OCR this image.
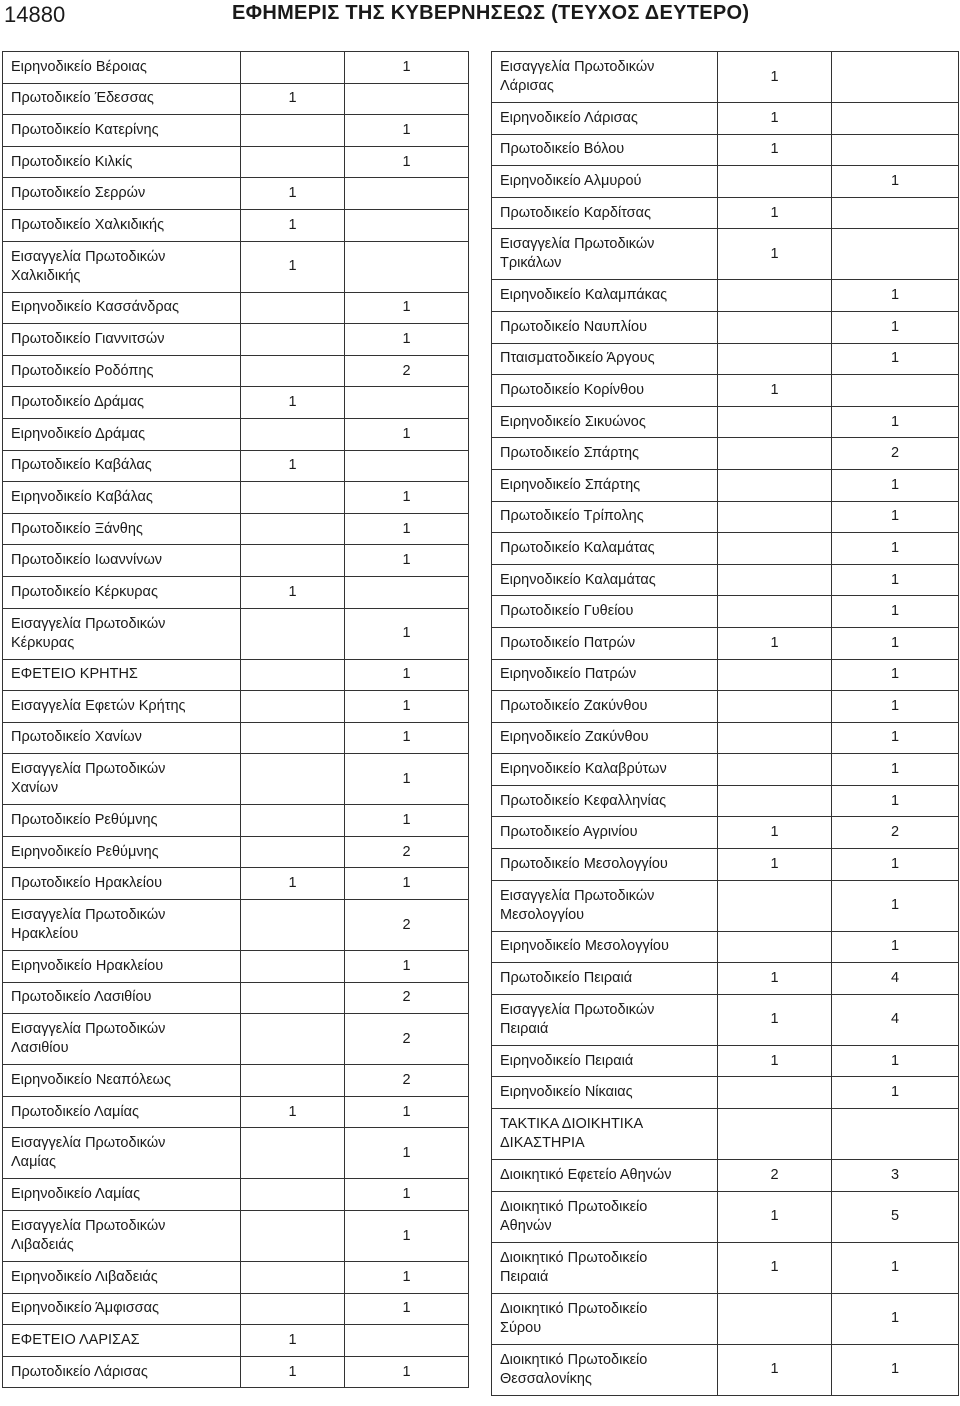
14880	ΕΦΗΜΕΡΙΣ ΤΗΣ ΚΥΒΕΡΝΗΣΕΩΣ (ΤΕΥΧΟΣ ΔΕΥΤΕΡΟ)
Ειρηνοδικείο Βέροιας		1

Πρωτοδικείο Έδεσσας	1	

Πρωτοδικείο Κατερίνης		1

Πρωτοδικείο Κιλκίς		1

Πρωτοδικείο Σερρών	1	

Πρωτοδικείο Χαλκιδικής	1	

Εισαγγελία Πρωτοδικών
Χαλκιδικής	1	

Ειρηνοδικείο Κασσάνδρας		1

Πρωτοδικείο Γιαννιτσών		1

Πρωτοδικείο Ροδόπης		2

Πρωτοδικείο Δράμας	1	

Ειρηνοδικείο Δράμας		1

Πρωτοδικείο Καβάλας	1	

Ειρηνοδικείο Καβάλας		1

Πρωτοδικείο Ξάνθης		1

Πρωτοδικείο Ιωαννίνων		1

Πρωτοδικείο Κέρκυρας	1	

Εισαγγελία Πρωτοδικών
Κέρκυρας		1

ΕΦΕΤΕΙΟ ΚΡΗΤΗΣ		1

Εισαγγελία Εφετών Κρήτης		1

Πρωτοδικείο Χανίων		1

Εισαγγελία Πρωτοδικών
Χανίων		1

Πρωτοδικείο Ρεθύμνης		1

Ειρηνοδικείο Ρεθύμνης		2

Πρωτοδικείο Ηρακλείου	1	1

Εισαγγελία Πρωτοδικών
Ηρακλείου		2

Ειρηνοδικείο Ηρακλείου		1

Πρωτοδικείο Λασιθίου		2

Εισαγγελία Πρωτοδικών
Λασιθίου		2

Ειρηνοδικείο Νεαπόλεως		2

Πρωτοδικείο Λαμίας	1	1

Εισαγγελία Πρωτοδικών
Λαμίας		1

Ειρηνοδικείο Λαμίας		1

Εισαγγελία Πρωτοδικών
Λιβαδειάς		1

Ειρηνοδικείο Λιβαδειάς		1

Ειρηνοδικείο Άμφισσας		1

ΕΦΕΤΕΙΟ ΛΑΡΙΣΑΣ	1	

Πρωτοδικείο Λάρισας	1	1
Εισαγγελία Πρωτοδικών
Λάρισας	1	

Ειρηνοδικείο Λάρισας	1	

Πρωτοδικείο Βόλου	1	

Ειρηνοδικείο Αλμυρού		1

Πρωτοδικείο Καρδίτσας	1	

Εισαγγελία Πρωτοδικών
Τρικάλων	1	

Ειρηνοδικείο Καλαμπάκας		1

Πρωτοδικείο Ναυπλίου		1

Πταισματοδικείο Άργους		1

Πρωτοδικείο Κορίνθου	1	

Ειρηνοδικείο Σικυώνος		1

Πρωτοδικείο Σπάρτης		2

Ειρηνοδικείο Σπάρτης		1

Πρωτοδικείο Τρίπολης		1

Πρωτοδικείο Καλαμάτας		1

Ειρηνοδικείο Καλαμάτας		1

Πρωτοδικείο Γυθείου		1

Πρωτοδικείο Πατρών	1	1

Ειρηνοδικείο Πατρών		1

Πρωτοδικείο Ζακύνθου		1

Ειρηνοδικείο Ζακύνθου		1

Ειρηνοδικείο Καλαβρύτων		1

Πρωτοδικείο Κεφαλληνίας		1

Πρωτοδικείο Αγρινίου	1	2

Πρωτοδικείο Μεσολογγίου	1	1

Εισαγγελία Πρωτοδικών
Μεσολογγίου		1

Ειρηνοδικείο Μεσολογγίου		1

Πρωτοδικείο Πειραιά	1	4

Εισαγγελία Πρωτοδικών
Πειραιά	1	4

Ειρηνοδικείο Πειραιά	1	1

Ειρηνοδικείο Νίκαιας		1

ΤΑΚΤΙΚΑ ΔΙΟΙΚΗΤΙΚΑ
ΔΙΚΑΣΤΗΡΙΑ		

Διοικητικό Εφετείο Αθηνών	2	3

Διοικητικό Πρωτοδικείο
Αθηνών	1	5

Διοικητικό Πρωτοδικείο
Πειραιά	1	1

Διοικητικό Πρωτοδικείο
Σύρου		1

Διοικητικό Πρωτοδικείο
Θεσσαλονίκης	1	1
